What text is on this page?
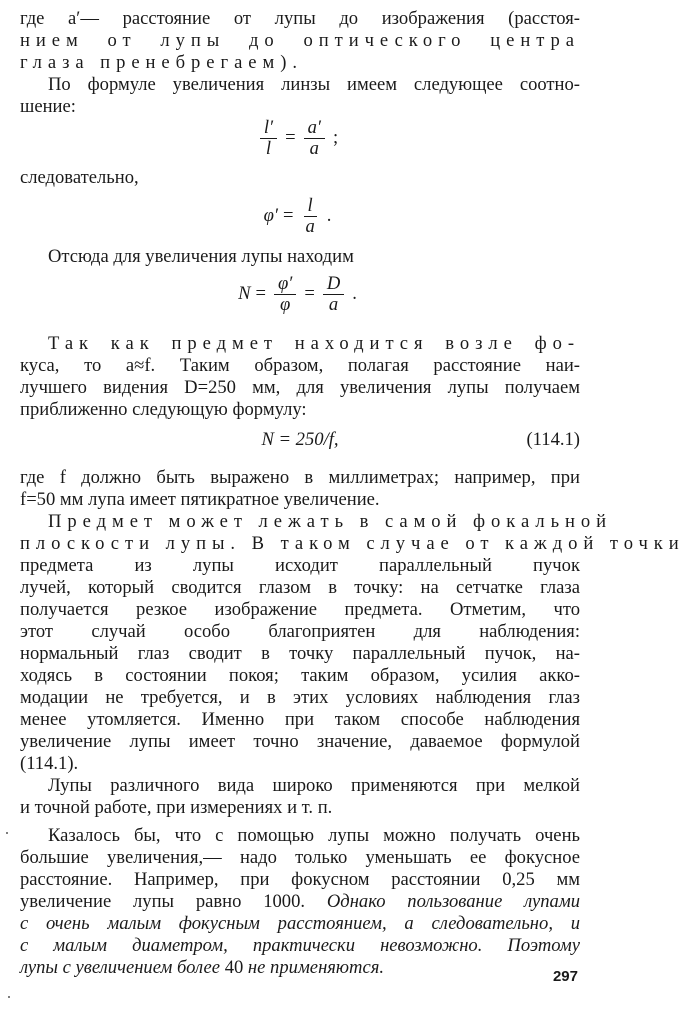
где a′— расстояние от лупы до изображения (расстоя-
нием от лупы до оптического центра
глаза пренебрегаем).
По формуле увеличения линзы имеем следующее соотно-
шение:
$\frac{l'}{l} = \frac{a'}{a}$ ;
следовательно,
$\varphi' = \frac{l}{a}$ .
Отсюда для увеличения лупы находим
$N = \frac{\varphi'}{\varphi} = \frac{D}{a}$ .
Так как предмет находится возле фо-
куса, то a≈f. Таким образом, полагая расстояние наи-
лучшего видения D=250 мм, для увеличения лупы получаем
приближенно следующую формулу:
N = 250/f,	(114.1)
где f должно быть выражено в миллиметрах; например, при
f=50 мм лупа имеет пятикратное увеличение.
Предмет может лежать в самой фокальной
плоскости лупы. В таком случае от каждой точки
предмета из лупы исходит параллельный пучок
лучей, который сводится глазом в точку: на сетчатке глаза
получается резкое изображение предмета. Отметим, что
этот случай особо благоприятен для наблюдения:
нормальный глаз сводит в точку параллельный пучок, на-
ходясь в состоянии покоя; таким образом, усилия акко-
модации не требуется, и в этих условиях наблюдения глаз
менее утомляется. Именно при таком способе наблюдения
увеличение лупы имеет точно значение, даваемое формулой
(114.1).
Лупы различного вида широко применяются при мелкой
и точной работе, при измерениях и т. п.
Казалось бы, что с помощью лупы можно получать очень
большие увеличения,— надо только уменьшать ее фокусное
расстояние. Например, при фокусном расстоянии 0,25 мм
увеличение лупы равно 1000. Однако пользование лупами
с очень малым фокусным расстоянием, а следовательно, и
с малым диаметром, практически невозможно. Поэтому
лупы с увеличением более 40 не применяются.	297
